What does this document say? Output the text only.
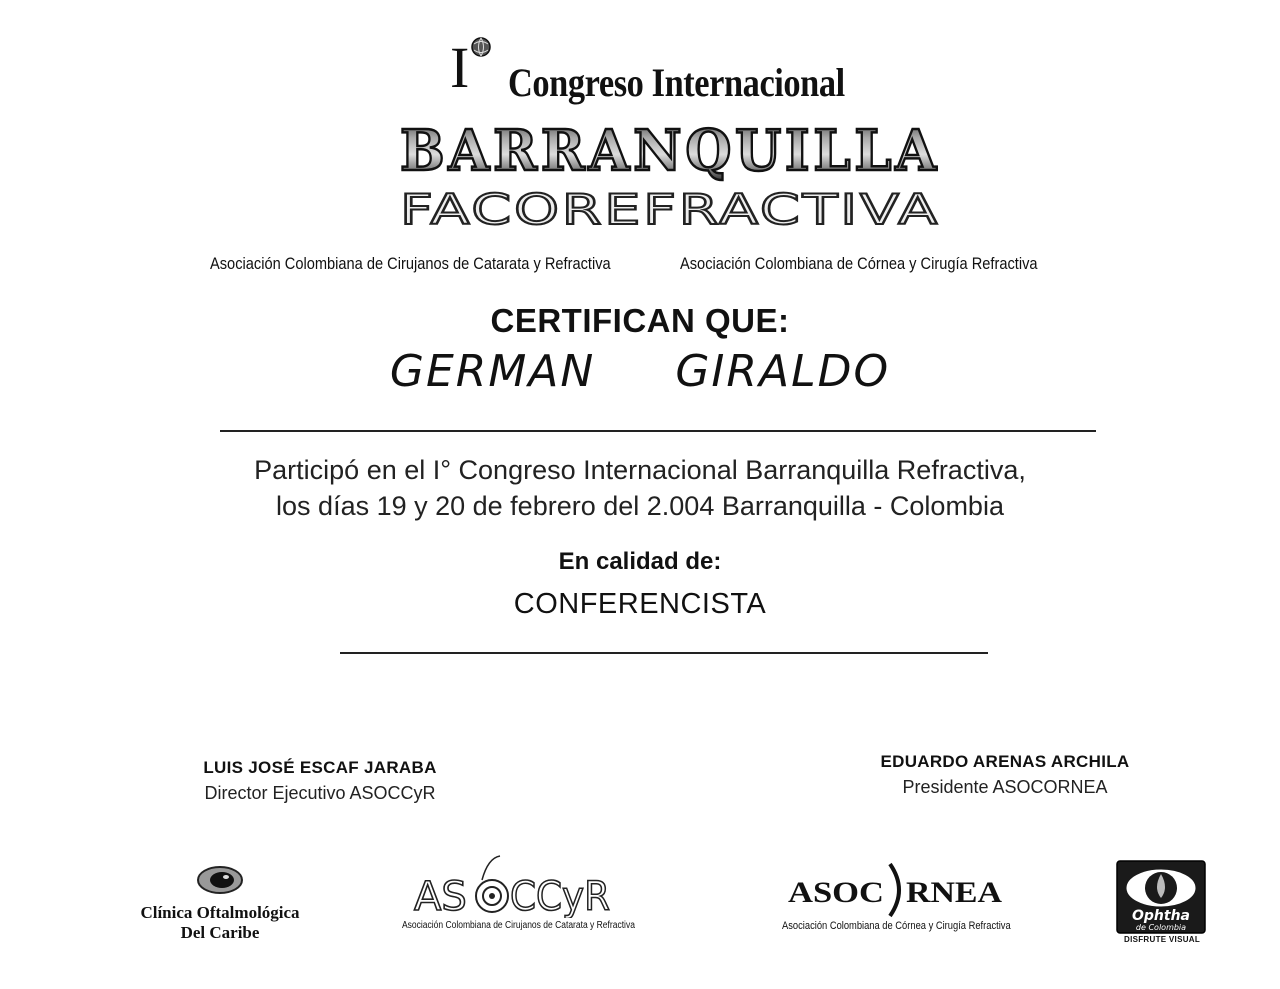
I Congreso Internacional
BARRANQUILLA
FACOREFRACTIVA
Asociación Colombiana de Cirujanos de Catarata y Refractiva	Asociación Colombiana de Córnea y Cirugía Refractiva
CERTIFICAN QUE:
GERMAN GIRALDO
Participó en el I° Congreso Internacional Barranquilla Refractiva,
los días 19 y 20 de febrero del 2.004 Barranquilla - Colombia
En calidad de:
CONFERENCISTA
LUIS JOSÉ ESCAF JARABA
Director Ejecutivo ASOCCyR
EDUARDO ARENAS ARCHILA
Presidente ASOCORNEA
Clínica Oftalmológica
Del Caribe
AS CCyR
Asociación Colombiana de Cirujanos de Catarata y Refractiva
ASOC RNEA
Asociación Colombiana de Córnea y Cirugía Refractiva
Ophtha
de Colombia
DISFRUTE VISUAL
